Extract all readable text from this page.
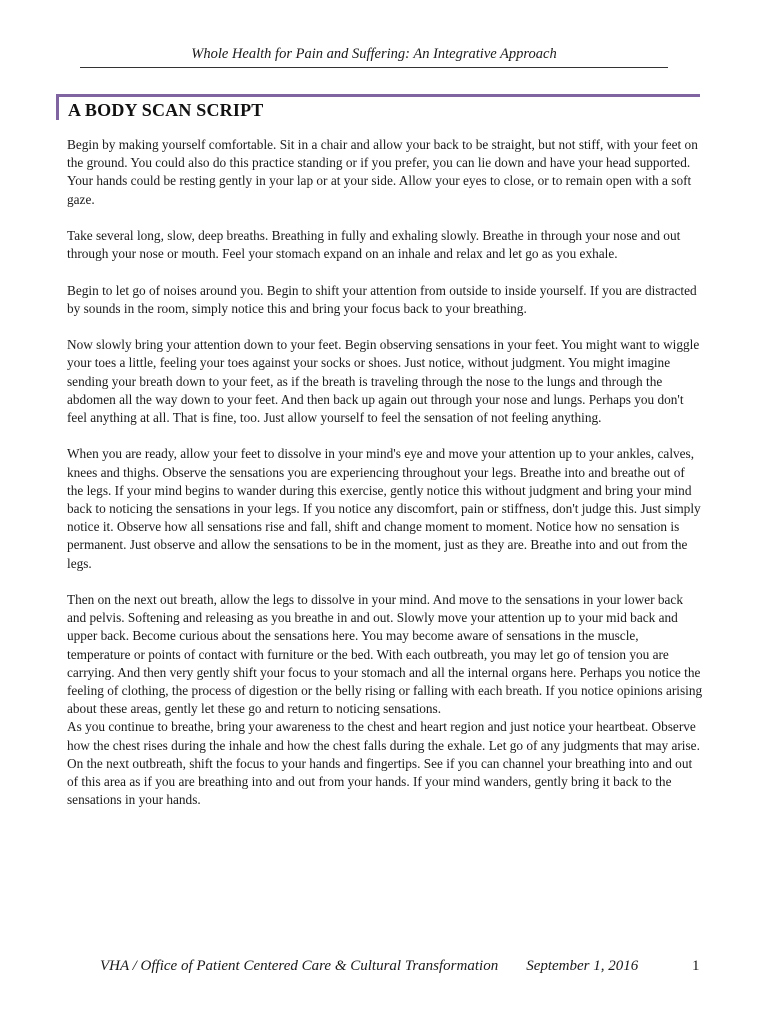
Whole Health for Pain and Suffering: An Integrative Approach
A BODY SCAN SCRIPT

Begin by making yourself comfortable. Sit in a chair and allow your back to be straight, but not stiff, with your feet on the ground. You could also do this practice standing or if you prefer, you can lie down and have your head supported. Your hands could be resting gently in your lap or at your side. Allow your eyes to close, or to remain open with a soft gaze.

Take several long, slow, deep breaths. Breathing in fully and exhaling slowly. Breathe in through your nose and out through your nose or mouth. Feel your stomach expand on an inhale and relax and let go as you exhale.

Begin to let go of noises around you. Begin to shift your attention from outside to inside yourself. If you are distracted by sounds in the room, simply notice this and bring your focus back to your breathing.

Now slowly bring your attention down to your feet. Begin observing sensations in your feet. You might want to wiggle your toes a little, feeling your toes against your socks or shoes. Just notice, without judgment. You might imagine sending your breath down to your feet, as if the breath is traveling through the nose to the lungs and through the abdomen all the way down to your feet. And then back up again out through your nose and lungs. Perhaps you don't feel anything at all. That is fine, too. Just allow yourself to feel the sensation of not feeling anything.

When you are ready, allow your feet to dissolve in your mind's eye and move your attention up to your ankles, calves, knees and thighs. Observe the sensations you are experiencing throughout your legs. Breathe into and breathe out of the legs. If your mind begins to wander during this exercise, gently notice this without judgment and bring your mind back to noticing the sensations in your legs. If you notice any discomfort, pain or stiffness, don't judge this. Just simply notice it. Observe how all sensations rise and fall, shift and change moment to moment. Notice how no sensation is permanent. Just observe and allow the sensations to be in the moment, just as they are. Breathe into and out from the legs.

Then on the next out breath, allow the legs to dissolve in your mind. And move to the sensations in your lower back and pelvis. Softening and releasing as you breathe in and out. Slowly move your attention up to your mid back and upper back. Become curious about the sensations here. You may become aware of sensations in the muscle, temperature or points of contact with furniture or the bed. With each outbreath, you may let go of tension you are carrying. And then very gently shift your focus to your stomach and all the internal organs here. Perhaps you notice the feeling of clothing, the process of digestion or the belly rising or falling with each breath. If you notice opinions arising about these areas, gently let these go and return to noticing sensations.

As you continue to breathe, bring your awareness to the chest and heart region and just notice your heartbeat. Observe how the chest rises during the inhale and how the chest falls during the exhale. Let go of any judgments that may arise. On the next outbreath, shift the focus to your hands and fingertips. See if you can channel your breathing into and out of this area as if you are breathing into and out from your hands. If your mind wanders, gently bring it back to the sensations in your hands.

VHA / Office of Patient Centered Care & Cultural Transformation September 1, 2016	1
